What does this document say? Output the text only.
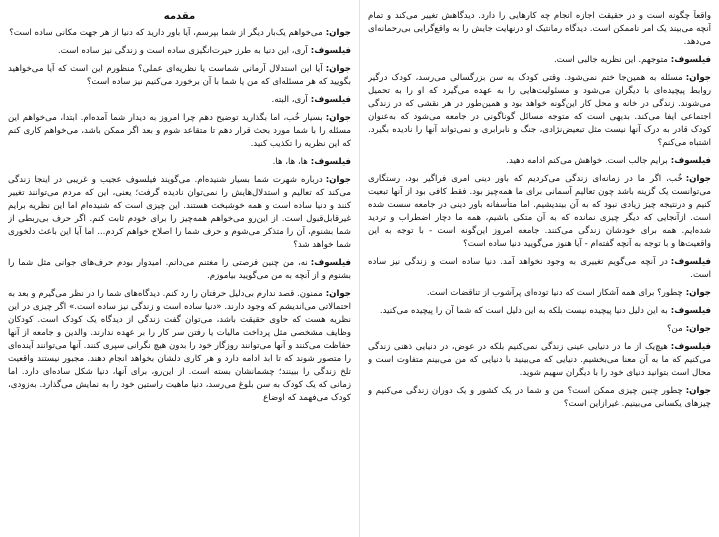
مقدمه

جوان:می‌خواهم یک‌بار دیگر از شما بپرسم، آیا باور دارید که دنیا از هر جهت مکانی ساده است؟

فیلسوف:آری، این دنیا به طرز حیرت‌انگیزی ساده است و زندگی نیز ساده است.

جوان:آیا این استدلال آرمانی شماست یا نظریه‌ای عملی؟ منظورم این است که آیا می‌خواهید بگویید که هر مسئله‌ای که من یا شما با آن برخورد می‌کنیم نیز ساده است؟

فیلسوف:آری، البته.

جوان:بسیار خُب، اما بگذارید توضیح دهم چرا امروز به دیدار شما آمده‌ام. ابتدا، می‌خواهم این مسئله را با شما مورد بحث قرار دهم تا متقاعد شوم و بعد اگر ممکن باشد، می‌خواهم کاری کنم که این نظریه را تکذیب کنید.

فیلسوف:ها، ها، ها.

جوان:درباره شهرت شما بسیار شنیده‌ام. می‌گویند فیلسوف عجیب و غریبی در اینجا زندگی می‌کند که تعالیم و استدلال‌هایش را نمی‌توان نادیده گرفت؛ یعنی، این که مردم می‌توانند تغییر کنند و دنیا ساده است و همه خوشبخت هستند. این چیزی است که شنیده‌ام اما این نظریه برایم غیرقابل‌قبول است. از این‌رو می‌خواهم همه‌چیز را برای خودم ثابت کنم. اگر حرف بی‌ربطی از شما بشنوم، آن را متذکر می‌شوم و حرف شما را اصلاح خواهم کردم... اما آیا این باعث دلخوری شما خواهد شد؟

فیلسوف:نه، من چنین فرصتی را مغتنم می‌دانم. امیدوار بودم حرف‌های جوانی مثل شما را بشنوم و از آنچه به من می‌گویید بیاموزم.

جوان:ممنون. قصد ندارم بی‌دلیل حرفتان را رد کنم. دیدگاه‌های شما را در نظر می‌گیرم و بعد به احتمالاتی می‌اندیشم که وجود دارند. «دنیا ساده است و زندگی نیز ساده است.» اگر چیزی در این نظریه هست که حاوی حقیقت باشد، می‌توان گفت زندگی از دیدگاه یک کودک است. کودکان وظایف مشخصی مثل پرداخت مالیات یا رفتن سر کار را بر عهده ندارند. والدین و جامعه از آنها حفاظت می‌کنند و آنها می‌توانند روزگار خود را بدون هیچ نگرانی سپری کنند. آنها می‌توانند آینده‌ای را متصور شوند که تا ابد ادامه دارد و هر کاری دلشان بخواهد انجام دهند. مجبور نیستند واقعیت تلخ زندگی را ببینند؛ چشمانشان بسته است. از این‌رو، برای آنها، دنیا شکل ساده‌ای دارد. اما زمانی که یک کودک به سن بلوغ می‌رسد، دنیا ماهیت راستین خود را به نمایش می‌گذارد. به‌زودی، کودک می‌فهمد که اوضاع

واقعاً چگونه است و در حقیقت اجازه انجام چه کارهایی را دارد. دیدگاهش تغییر می‌کند و تمام آنچه می‌بیند یک امر ناممکن است. دیدگاه رمانتیک او درنهایت جایش را به واقع‌گرایی بی‌رحمانه‌ای می‌دهد.

فیلسوف:متوجهم. این نظریه جالبی است.

جوان:مسئله به همین‌جا ختم نمی‌شود. وقتی کودک به سن بزرگسالی می‌رسد، کودک درگیر روابط پیچیده‌ای با دیگران می‌شود و مسئولیت‌هایی را به عهده می‌گیرد که او را به تحمیل می‌شوند. زندگی در خانه و محل کار این‌گونه خواهد بود و همین‌طور در هر نقشی که در زندگی اجتماعی ایفا می‌کند. بدیهی است که متوجه مسائل گوناگونی در جامعه می‌شود که به‌عنوان کودک قادر به درک آنها نیست مثل تبعیض‌نژادی، جنگ و نابرابری و نمی‌تواند آنها را نادیده بگیرد. اشتباه می‌کنم؟

فیلسوف:برایم جالب است. خواهش می‌کنم ادامه دهید.

جوان:خُب، اگر ما در زمانه‌ای زندگی می‌کردیم که باور دینی امری فراگیر بود، رستگاری می‌توانست یک گزینه باشد چون تعالیم آسمانی برای ما همه‌چیز بود. فقط کافی بود از آنها تبعیت کنیم و درنتیجه چیز زیادی نبود که به آن بیندیشیم. اما متأسفانه باور دینی در جامعه سست شده است. ازآنجایی که دیگر چیزی نمانده که به آن متکی باشیم، همه ما دچار اضطراب و تردید شده‌ایم. همه برای خودشان زندگی می‌کنند. جامعه امروز این‌گونه است - با توجه به این واقعیت‌ها و با توجه به آنچه گفته‌ام - آیا هنوز می‌گویید دنیا ساده است؟

فیلسوف:در آنچه می‌گویم تغییری به وجود نخواهد آمد. دنیا ساده است و زندگی نیز ساده است.

جوان:چطور؟ برای همه آشکار است که دنیا توده‌ای پرآشوب از تناقضات است.

فیلسوف:به این دلیل دنیا پیچیده نیست بلکه به این دلیل است که شما آن را پیچیده می‌کنید.

جوان:من؟

فیلسوف:هیچ‌یک از ما در دنیایی عینی زندگی نمی‌کنیم بلکه در عوض، در دنیایی ذهنی زندگی می‌کنیم که ما به آن معنا می‌بخشیم. دنیایی که می‌بینید با دنیایی که من می‌بینم متفاوت است و محال است بتوانید دنیای خود را با دیگران سهیم شوید.

جوان:چطور چنین چیزی ممکن است؟ من و شما در یک کشور و یک دوران زندگی می‌کنیم و چیزهای یکسانی می‌بینیم. غیرازاین است؟
